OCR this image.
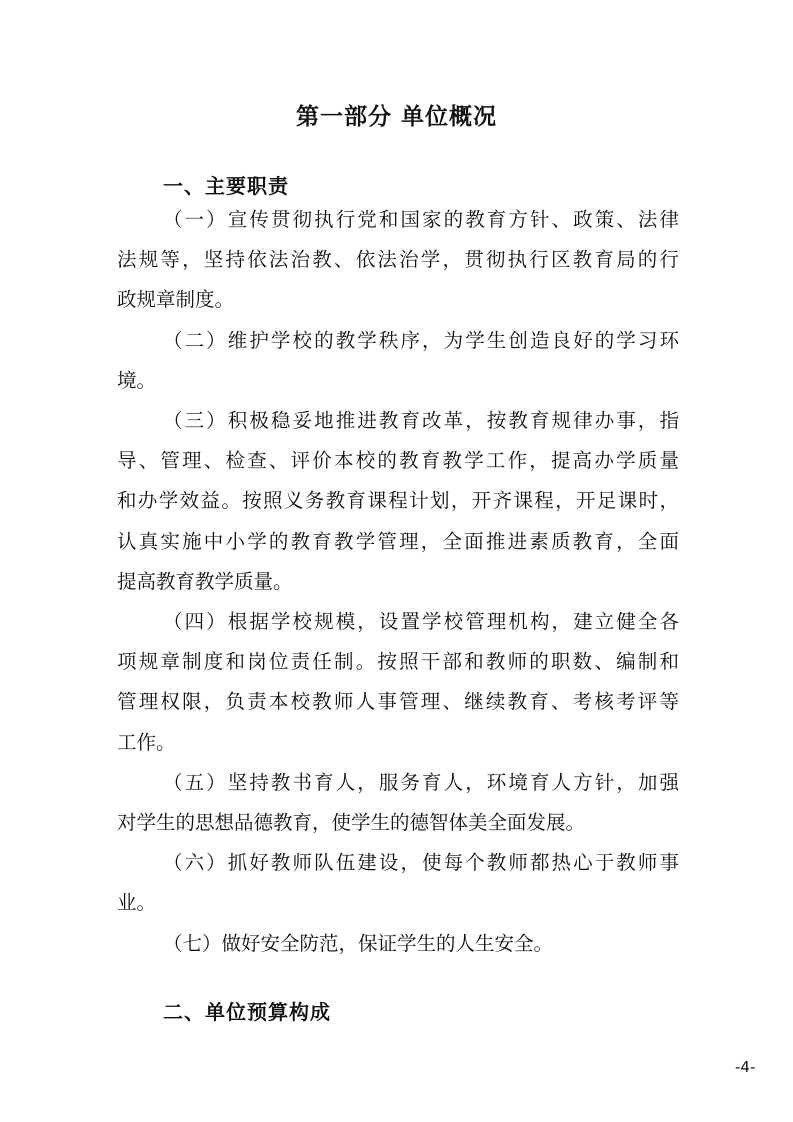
第一部分 单位概况
一、主要职责

（一）宣传贯彻执行党和国家的教育方针、政策、法律
法规等，坚持依法治教、依法治学，贯彻执行区教育局的行
政规章制度。

（二）维护学校的教学秩序，为学生创造良好的学习环
境。

（三）积极稳妥地推进教育改革，按教育规律办事，指
导、管理、检查、评价本校的教育教学工作，提高办学质量
和办学效益。按照义务教育课程计划，开齐课程，开足课时，
认真实施中小学的教育教学管理，全面推进素质教育，全面
提高教育教学质量。

（四）根据学校规模，设置学校管理机构，建立健全各
项规章制度和岗位责任制。按照干部和教师的职数、编制和
管理权限，负责本校教师人事管理、继续教育、考核考评等
工作。

（五）坚持教书育人，服务育人，环境育人方针，加强
对学生的思想品德教育，使学生的德智体美全面发展。

（六）抓好教师队伍建设，使每个教师都热心于教师事
业。

（七）做好安全防范，保证学生的人生安全。

二、单位预算构成
-4-
